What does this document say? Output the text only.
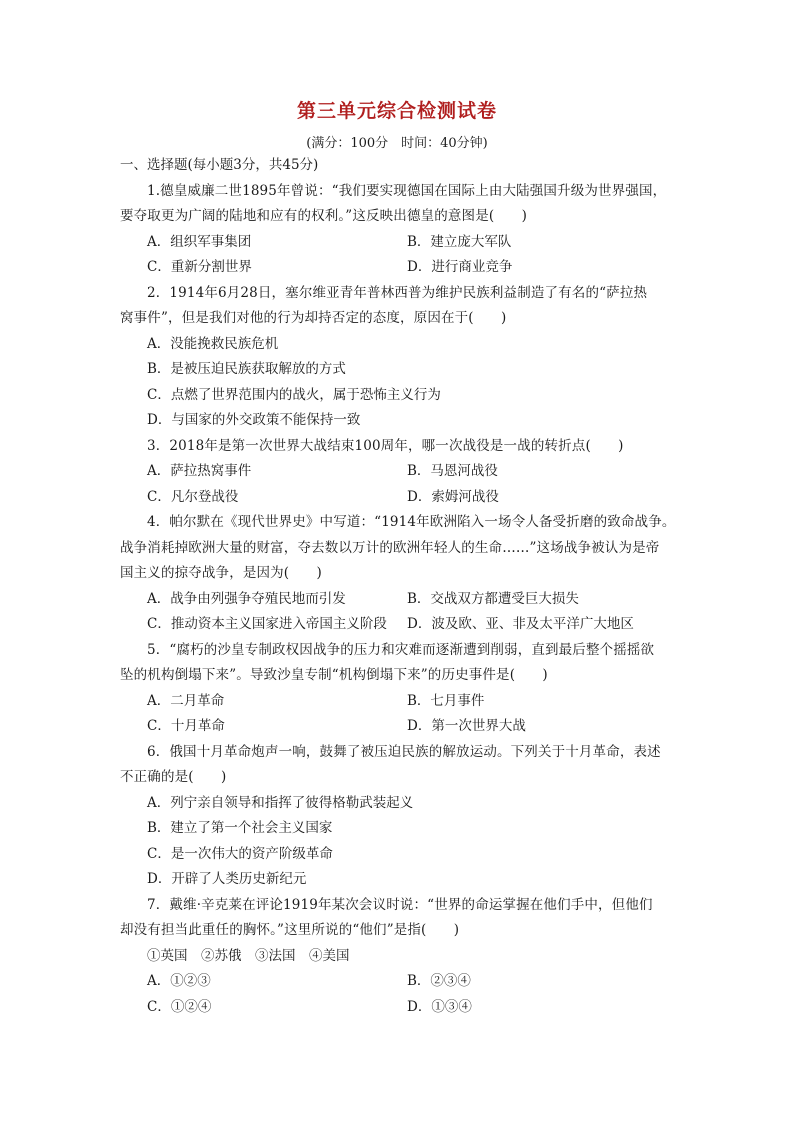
第三单元综合检测试卷
(满分：100分　时间：40分钟)
一、选择题(每小题3分，共45分)
1.德皇威廉二世1895年曾说：“我们要实现德国在国际上由大陆强国升级为世界强国，
要夺取更为广阔的陆地和应有的权利。”这反映出德皇的意图是(　　)
A．组织军事集团	B．建立庞大军队
C．重新分割世界	D．进行商业竞争
2．1914年6月28日，塞尔维亚青年普林西普为维护民族利益制造了有名的“萨拉热
窝事件”，但是我们对他的行为却持否定的态度，原因在于(　　)
A．没能挽救民族危机
B．是被压迫民族获取解放的方式
C．点燃了世界范围内的战火，属于恐怖主义行为
D．与国家的外交政策不能保持一致
3．2018年是第一次世界大战结束100周年，哪一次战役是一战的转折点(　　)
A．萨拉热窝事件	B．马恩河战役
C．凡尔登战役	D．索姆河战役
4．帕尔默在《现代世界史》中写道：“1914年欧洲陷入一场令人备受折磨的致命战争。
战争消耗掉欧洲大量的财富，夺去数以万计的欧洲年轻人的生命……”这场战争被认为是帝
国主义的掠夺战争，是因为(　　)
A．战争由列强争夺殖民地而引发	B．交战双方都遭受巨大损失
C．推动资本主义国家进入帝国主义阶段	D．波及欧、亚、非及太平洋广大地区
5．“腐朽的沙皇专制政权因战争的压力和灾难而逐渐遭到削弱，直到最后整个摇摇欲
坠的机构倒塌下来”。导致沙皇专制“机构倒塌下来”的历史事件是(　　)
A．二月革命	B．七月事件
C．十月革命	D．第一次世界大战
6．俄国十月革命炮声一响，鼓舞了被压迫民族的解放运动。下列关于十月革命，表述
不正确的是(　　)
A．列宁亲自领导和指挥了彼得格勒武装起义
B．建立了第一个社会主义国家
C．是一次伟大的资产阶级革命
D．开辟了人类历史新纪元
7．戴维·辛克莱在评论1919年某次会议时说：“世界的命运掌握在他们手中，但他们
却没有担当此重任的胸怀。”这里所说的“他们”是指(　　)
①英国　②苏俄　③法国　④美国
A．①②③	B．②③④
C．①②④	D．①③④
